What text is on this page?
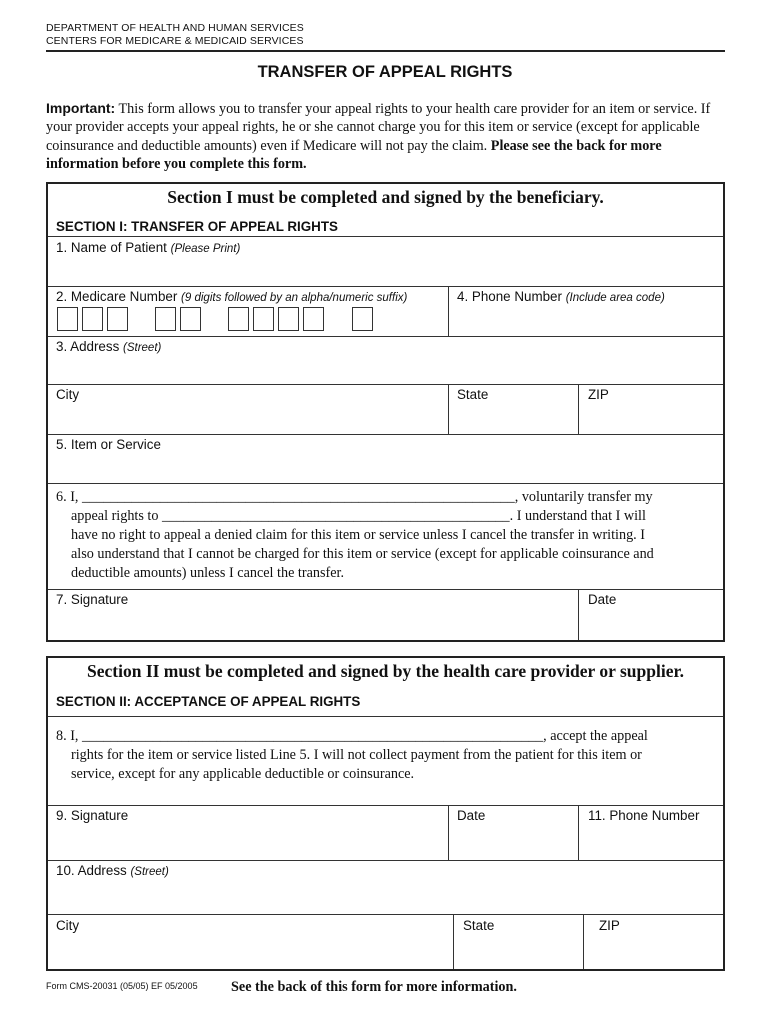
DEPARTMENT OF HEALTH AND HUMAN SERVICES
CENTERS FOR MEDICARE & MEDICAID SERVICES
TRANSFER OF APPEAL RIGHTS
Important: This form allows you to transfer your appeal rights to your health care provider for an item or service. If your provider accepts your appeal rights, he or she cannot charge you for this item or service (except for applicable coinsurance and deductible amounts) even if Medicare will not pay the claim. Please see the back for more information before you complete this form.
Section I must be completed and signed by the beneficiary.
SECTION I: TRANSFER OF APPEAL RIGHTS
1. Name of Patient (Please Print)
2. Medicare Number (9 digits followed by an alpha/numeric suffix)	4. Phone Number (Include area code)
3. Address (Street)
City	State	ZIP
5. Item or Service
6. I, _____________________________________________________________, voluntarily transfer my
appeal rights to _________________________________________________. I understand that I will
have no right to appeal a denied claim for this item or service unless I cancel the transfer in writing. I
also understand that I cannot be charged for this item or service (except for applicable coinsurance and
deductible amounts) unless I cancel the transfer.
7. Signature	Date
Section II must be completed and signed by the health care provider or supplier.
SECTION II: ACCEPTANCE OF APPEAL RIGHTS
8. I, _________________________________________________________________, accept the appeal
rights for the item or service listed Line 5. I will not collect payment from the patient for this item or
service, except for any applicable deductible or coinsurance.
9. Signature	Date	11. Phone Number
10. Address (Street)
City	State	ZIP
Form CMS-20031 (05/05) EF 05/2005 See the back of this form for more information.
